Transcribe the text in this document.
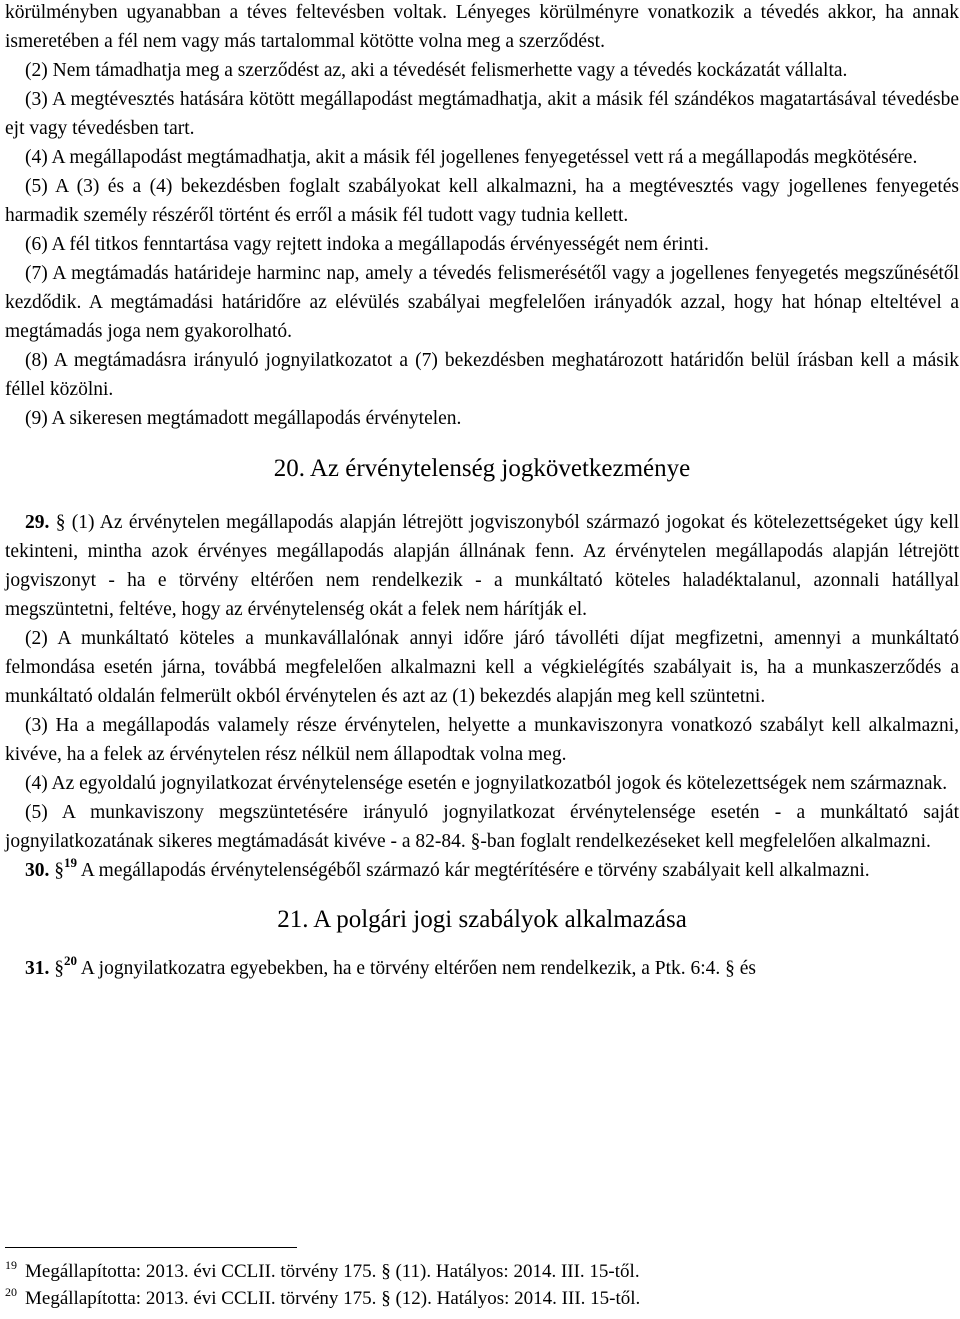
körülményben ugyanabban a téves feltevésben voltak. Lényeges körülményre vonatkozik a tévedés akkor, ha annak ismeretében a fél nem vagy más tartalommal kötötte volna meg a szerződést.

(2) Nem támadhatja meg a szerződést az, aki a tévedését felismerhette vagy a tévedés kockázatát vállalta.

(3) A megtévesztés hatására kötött megállapodást megtámadhatja, akit a másik fél szándékos magatartásával tévedésbe ejt vagy tévedésben tart.

(4) A megállapodást megtámadhatja, akit a másik fél jogellenes fenyegetéssel vett rá a megállapodás megkötésére.

(5) A (3) és a (4) bekezdésben foglalt szabályokat kell alkalmazni, ha a megtévesztés vagy jogellenes fenyegetés harmadik személy részéről történt és erről a másik fél tudott vagy tudnia kellett.

(6) A fél titkos fenntartása vagy rejtett indoka a megállapodás érvényességét nem érinti.

(7) A megtámadás határideje harminc nap, amely a tévedés felismerésétől vagy a jogellenes fenyegetés megszűnésétől kezdődik. A megtámadási határidőre az elévülés szabályai megfelelően irányadók azzal, hogy hat hónap elteltével a megtámadás joga nem gyakorolható.

(8) A megtámadásra irányuló jognyilatkozatot a (7) bekezdésben meghatározott határidőn belül írásban kell a másik féllel közölni.

(9) A sikeresen megtámadott megállapodás érvénytelen.

20. Az érvénytelenség jogkövetkezménye

29. § (1) Az érvénytelen megállapodás alapján létrejött jogviszonyból származó jogokat és kötelezettségeket úgy kell tekinteni, mintha azok érvényes megállapodás alapján állnának fenn. Az érvénytelen megállapodás alapján létrejött jogviszonyt - ha e törvény eltérően nem rendelkezik - a munkáltató köteles haladéktalanul, azonnali hatállyal megszüntetni, feltéve, hogy az érvénytelenség okát a felek nem hárítják el.

(2) A munkáltató köteles a munkavállalónak annyi időre járó távolléti díjat megfizetni, amennyi a munkáltató felmondása esetén járna, továbbá megfelelően alkalmazni kell a végkielégítés szabályait is, ha a munkaszerződés a munkáltató oldalán felmerült okból érvénytelen és azt az (1) bekezdés alapján meg kell szüntetni.

(3) Ha a megállapodás valamely része érvénytelen, helyette a munkaviszonyra vonatkozó szabályt kell alkalmazni, kivéve, ha a felek az érvénytelen rész nélkül nem állapodtak volna meg.

(4) Az egyoldalú jognyilatkozat érvénytelensége esetén e jognyilatkozatból jogok és kötelezettségek nem származnak.

(5) A munkaviszony megszüntetésére irányuló jognyilatkozat érvénytelensége esetén - a munkáltató saját jognyilatkozatának sikeres megtámadását kivéve - a 82-84. §-ban foglalt rendelkezéseket kell megfelelően alkalmazni.

30. §$^{19}$ A megállapodás érvénytelenségéből származó kár megtérítésére e törvény szabályait kell alkalmazni.

21. A polgári jogi szabályok alkalmazása

31. §$^{20}$ A jognyilatkozatra egyebekben, ha e törvény eltérően nem rendelkezik, a Ptk. 6:4. § és

$^{19}$ Megállapította: 2013. évi CCLII. törvény 175. § (11). Hatályos: 2014. III. 15-től.

$^{20}$ Megállapította: 2013. évi CCLII. törvény 175. § (12). Hatályos: 2014. III. 15-től.
